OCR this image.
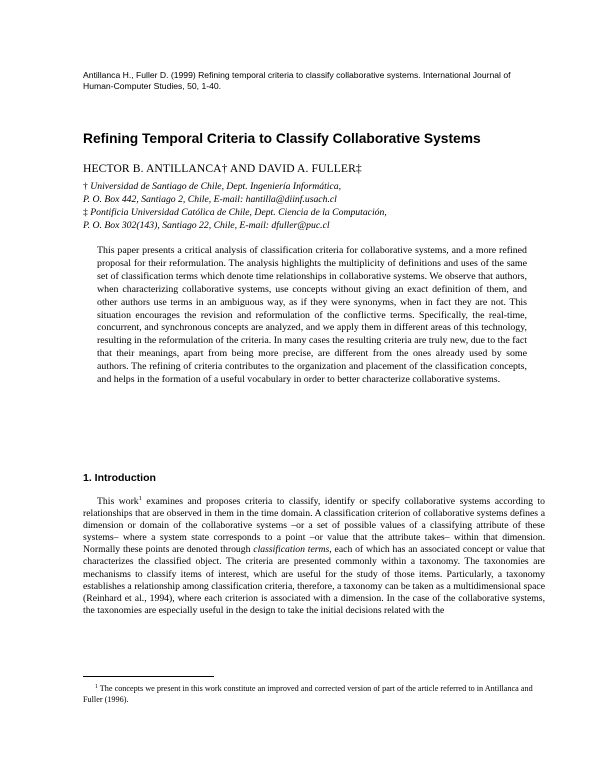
Antillanca H., Fuller D. (1999) Refining temporal criteria to classify collaborative systems. International Journal of Human-Computer Studies, 50, 1-40.
Refining Temporal Criteria to Classify Collaborative Systems
HECTOR B. ANTILLANCA† AND DAVID A. FULLER‡
† Universidad de Santiago de Chile, Dept. Ingeniería Informática,
P. O. Box 442, Santiago 2, Chile, E-mail: hantilla@diinf.usach.cl
‡ Pontificia Universidad Católica de Chile, Dept. Ciencia de la Computación,
P. O. Box 302(143), Santiago 22, Chile, E-mail: dfuller@puc.cl

This paper presents a critical analysis of classification criteria for collaborative systems, and a more refined proposal for their reformulation. The analysis highlights the multiplicity of definitions and uses of the same set of classification terms which denote time relationships in collaborative systems. We observe that authors, when characterizing collaborative systems, use concepts without giving an exact definition of them, and other authors use terms in an ambiguous way, as if they were synonyms, when in fact they are not. This situation encourages the revision and reformulation of the conflictive terms. Specifically, the real-time, concurrent, and synchronous concepts are analyzed, and we apply them in different areas of this technology, resulting in the reformulation of the criteria. In many cases the resulting criteria are truly new, due to the fact that their meanings, apart from being more precise, are different from the ones already used by some authors. The refining of criteria contributes to the organization and placement of the classification concepts, and helps in the formation of a useful vocabulary in order to better characterize collaborative systems.

1. Introduction

This work$^1$ examines and proposes criteria to classify, identify or specify collaborative systems according to relationships that are observed in them in the time domain. A classification criterion of collaborative systems defines a dimension or domain of the collaborative systems –or a set of possible values of a classifying attribute of these systems– where a system state corresponds to a point –or value that the attribute takes– within that dimension. Normally these points are denoted through classification terms, each of which has an associated concept or value that characterizes the classified object. The criteria are presented commonly within a taxonomy. The taxonomies are mechanisms to classify items of interest, which are useful for the study of those items. Particularly, a taxonomy establishes a relationship among classification criteria, therefore, a taxonomy can be taken as a multidimensional space (Reinhard et al., 1994), where each criterion is associated with a dimension. In the case of the collaborative systems, the taxonomies are especially useful in the design to take the initial decisions related with the

$^1$ The concepts we present in this work constitute an improved and corrected version of part of the article referred to in Antillanca and Fuller (1996).
